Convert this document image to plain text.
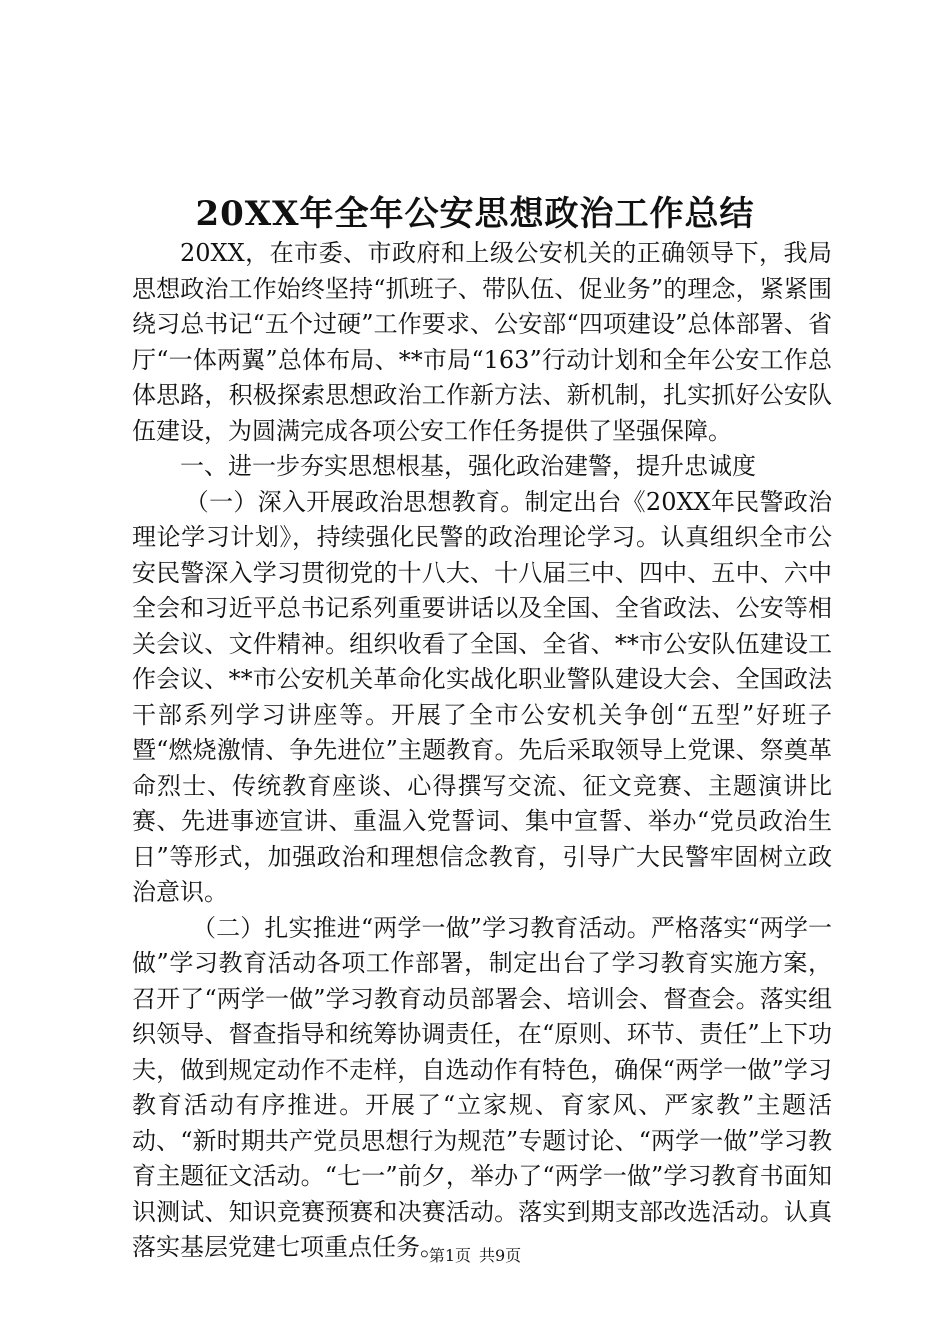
20XX年全年公安思想政治工作总结

20XX，在市委、市政府和上级公安机关的正确领导下，我局思想政治工作始终坚持“抓班子、带队伍、促业务”的理念，紧紧围绕习总书记“五个过硬”工作要求、公安部“四项建设”总体部署、省厅“一体两翼”总体布局、**市局“163”行动计划和全年公安工作总体思路，积极探索思想政治工作新方法、新机制，扎实抓好公安队伍建设，为圆满完成各项公安工作任务提供了坚强保障。

一、进一步夯实思想根基，强化政治建警，提升忠诚度

（一）深入开展政治思想教育。制定出台《20XX年民警政治理论学习计划》，持续强化民警的政治理论学习。认真组织全市公安民警深入学习贯彻党的十八大、十八届三中、四中、五中、六中全会和习近平总书记系列重要讲话以及全国、全省政法、公安等相关会议、文件精神。组织收看了全国、全省、**市公安队伍建设工作会议、**市公安机关革命化实战化职业警队建设大会、全国政法干部系列学习讲座等。开展了全市公安机关争创“五型”好班子暨“燃烧激情、争先进位”主题教育。先后采取领导上党课、祭奠革命烈士、传统教育座谈、心得撰写交流、征文竞赛、主题演讲比赛、先进事迹宣讲、重温入党誓词、集中宣誓、举办“党员政治生日”等形式，加强政治和理想信念教育，引导广大民警牢固树立政治意识。

（二）扎实推进“两学一做”学习教育活动。严格落实“两学一做”学习教育活动各项工作部署，制定出台了学习教育实施方案，召开了“两学一做”学习教育动员部署会、培训会、督查会。落实组织领导、督查指导和统筹协调责任，在“原则、环节、责任”上下功夫，做到规定动作不走样，自选动作有特色，确保“两学一做”学习教育活动有序推进。开展了“立家规、育家风、严家教”主题活动、“新时期共产党员思想行为规范”专题讨论、“两学一做”学习教育主题征文活动。“七一”前夕，举办了“两学一做”学习教育书面知识测试、知识竞赛预赛和决赛活动。落实到期支部改选活动。认真落实基层党建七项重点任务。

第1页 共9页
